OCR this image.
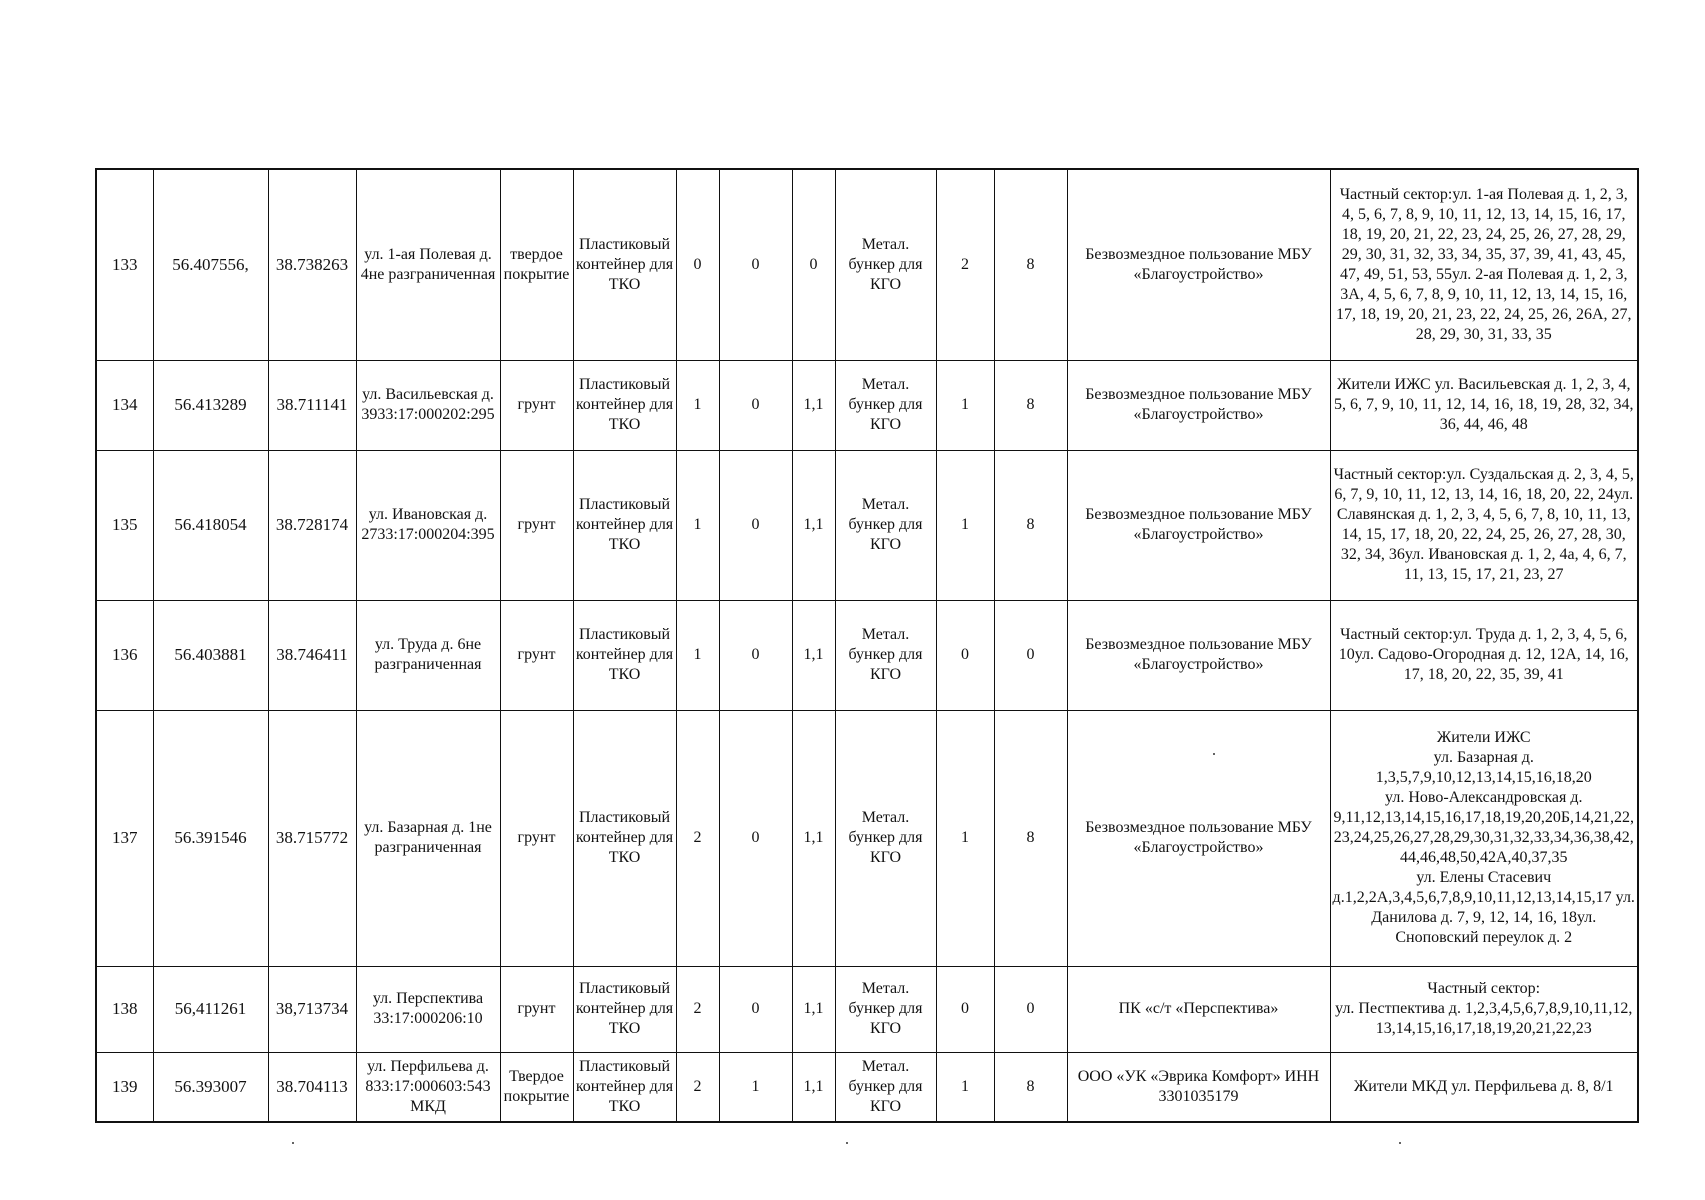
133	56.407556,	38.738263	ул. 1-ая Полевая д. 4не разграниченная	твердое покрытие	Пластиковый контейнер для ТКО	0	0	0	Метал. бункер для КГО	2	8	Безвозмездное пользование МБУ «Благоустройство»	Частный сектор:ул. 1-ая Полевая д. 1, 2, 3, 4, 5, 6, 7, 8, 9, 10, 11, 12, 13, 14, 15, 16, 17, 18, 19, 20, 21, 22, 23, 24, 25, 26, 27, 28, 29, 29, 30, 31, 32, 33, 34, 35, 37, 39, 41, 43, 45, 47, 49, 51, 53, 55ул. 2-ая Полевая д. 1, 2, 3, 3А, 4, 5, 6, 7, 8, 9, 10, 11, 12, 13, 14, 15, 16, 17, 18, 19, 20, 21, 23, 22, 24, 25, 26, 26А, 27, 28, 29, 30, 31, 33, 35

134	56.413289	38.711141	ул. Васильевская д. 3933:17:000202:295	грунт	Пластиковый контейнер для ТКО	1	0	1,1	Метал. бункер для КГО	1	8	Безвозмездное пользование МБУ «Благоустройство»	Жители ИЖС ул. Васильевская д. 1, 2, 3, 4, 5, 6, 7, 9, 10, 11, 12, 14, 16, 18, 19, 28, 32, 34, 36, 44, 46, 48

135	56.418054	38.728174	ул. Ивановская д. 2733:17:000204:395	грунт	Пластиковый контейнер для ТКО	1	0	1,1	Метал. бункер для КГО	1	8	Безвозмездное пользование МБУ «Благоустройство»	Частный сектор:ул. Суздальская д. 2, 3, 4, 5, 6, 7, 9, 10, 11, 12, 13, 14, 16, 18, 20, 22, 24ул. Славянская д. 1, 2, 3, 4, 5, 6, 7, 8, 10, 11, 13, 14, 15, 17, 18, 20, 22, 24, 25, 26, 27, 28, 30, 32, 34, 36ул. Ивановская д. 1, 2, 4а, 4, 6, 7, 11, 13, 15, 17, 21, 23, 27

136	56.403881	38.746411	ул. Труда д. 6не разграниченная	грунт	Пластиковый контейнер для ТКО	1	0	1,1	Метал. бункер для КГО	0	0	Безвозмездное пользование МБУ «Благоустройство»	Частный сектор:ул. Труда д. 1, 2, 3, 4, 5, 6, 10ул. Садово-Огородная д. 12, 12А, 14, 16, 17, 18, 20, 22, 35, 39, 41

137	56.391546	38.715772	ул. Базарная д. 1не разграниченная	грунт	Пластиковый контейнер для ТКО	2	0	1,1	Метал. бункер для КГО	1	8	Безвозмездное пользование МБУ «Благоустройство»	Жители ИЖС
ул. Базарная д. 1,3,5,7,9,10,12,13,14,15,16,18,20
ул. Ново-Александровская д. 9,11,12,13,14,15,16,17,18,19,20,20Б,14,21,22,23,24,25,26,27,28,29,30,31,32,33,34,36,38,42,44,46,48,50,42А,40,37,35
ул. Елены Стасевич д.1,2,2А,3,4,5,6,7,8,9,10,11,12,13,14,15,17 ул. Данилова д. 7, 9, 12, 14, 16, 18ул. Сноповский переулок д. 2

138	56,411261	38,713734	ул. Перспектива 33:17:000206:10	грунт	Пластиковый контейнер для ТКО	2	0	1,1	Метал. бункер для КГО	0	0	ПК «с/т «Перспектива»	Частный сектор:
ул. Пестпектива д. 1,2,3,4,5,6,7,8,9,10,11,12, 13,14,15,16,17,18,19,20,21,22,23

139	56.393007	38.704113	ул. Перфильева д. 833:17:000603:543 МКД	Твердое покрытие	Пластиковый контейнер для ТКО	2	1	1,1	Метал. бункер для КГО	1	8	ООО «УК «Эврика Комфорт» ИНН 3301035179	Жители МКД ул. Перфильева д. 8, 8/1
